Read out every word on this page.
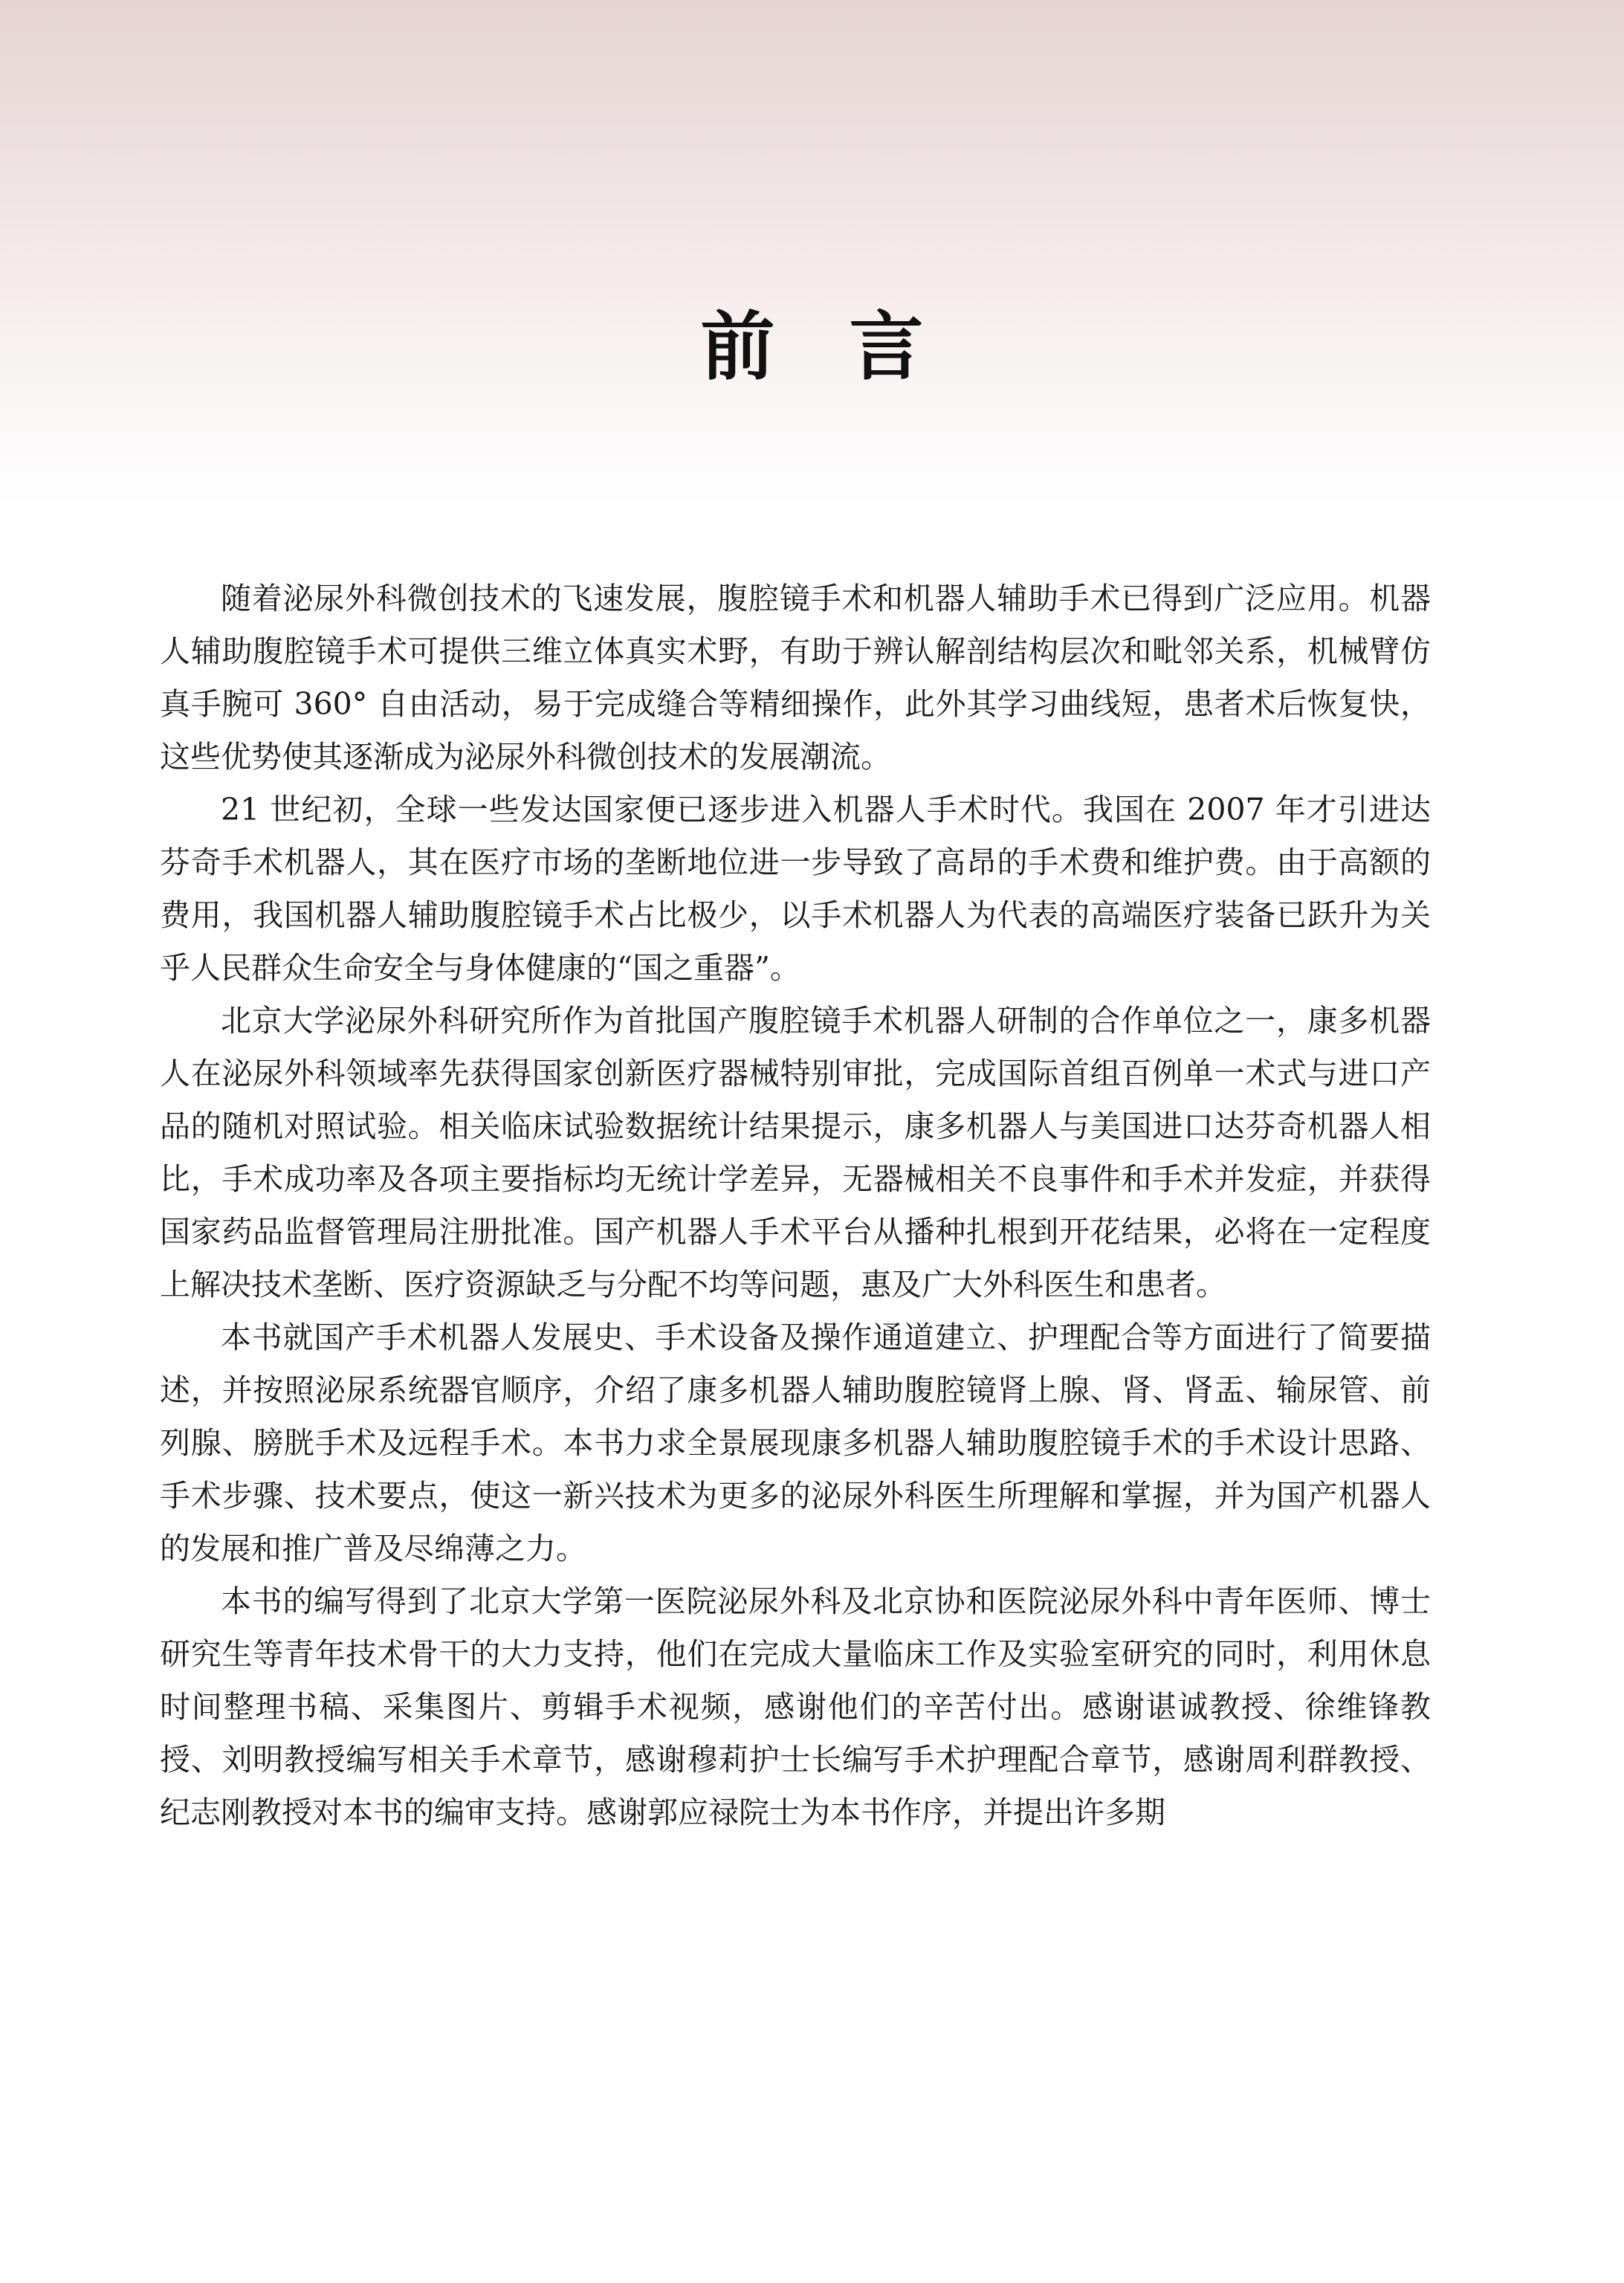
前言

随着泌尿外科微创技术的飞速发展，腹腔镜手术和机器人辅助手术已得到广泛应用。机器人辅助腹腔镜手术可提供三维立体真实术野，有助于辨认解剖结构层次和毗邻关系，机械臂仿真手腕可 360° 自由活动，易于完成缝合等精细操作，此外其学习曲线短，患者术后恢复快，这些优势使其逐渐成为泌尿外科微创技术的发展潮流。

21 世纪初，全球一些发达国家便已逐步进入机器人手术时代。我国在 2007 年才引进达芬奇手术机器人，其在医疗市场的垄断地位进一步导致了高昂的手术费和维护费。由于高额的费用，我国机器人辅助腹腔镜手术占比极少，以手术机器人为代表的高端医疗装备已跃升为关乎人民群众生命安全与身体健康的“国之重器”。

北京大学泌尿外科研究所作为首批国产腹腔镜手术机器人研制的合作单位之一，康多机器人在泌尿外科领域率先获得国家创新医疗器械特别审批，完成国际首组百例单一术式与进口产品的随机对照试验。相关临床试验数据统计结果提示，康多机器人与美国进口达芬奇机器人相比，手术成功率及各项主要指标均无统计学差异，无器械相关不良事件和手术并发症，并获得国家药品监督管理局注册批准。国产机器人手术平台从播种扎根到开花结果，必将在一定程度上解决技术垄断、医疗资源缺乏与分配不均等问题，惠及广大外科医生和患者。

本书就国产手术机器人发展史、手术设备及操作通道建立、护理配合等方面进行了简要描述，并按照泌尿系统器官顺序，介绍了康多机器人辅助腹腔镜肾上腺、肾、肾盂、输尿管、前列腺、膀胱手术及远程手术。本书力求全景展现康多机器人辅助腹腔镜手术的手术设计思路、手术步骤、技术要点，使这一新兴技术为更多的泌尿外科医生所理解和掌握，并为国产机器人的发展和推广普及尽绵薄之力。

本书的编写得到了北京大学第一医院泌尿外科及北京协和医院泌尿外科中青年医师、博士研究生等青年技术骨干的大力支持，他们在完成大量临床工作及实验室研究的同时，利用休息时间整理书稿、采集图片、剪辑手术视频，感谢他们的辛苦付出。感谢谌诚教授、徐维锋教授、刘明教授编写相关手术章节，感谢穆莉护士长编写手术护理配合章节，感谢周利群教授、纪志刚教授对本书的编审支持。感谢郭应禄院士为本书作序，并提出许多期
